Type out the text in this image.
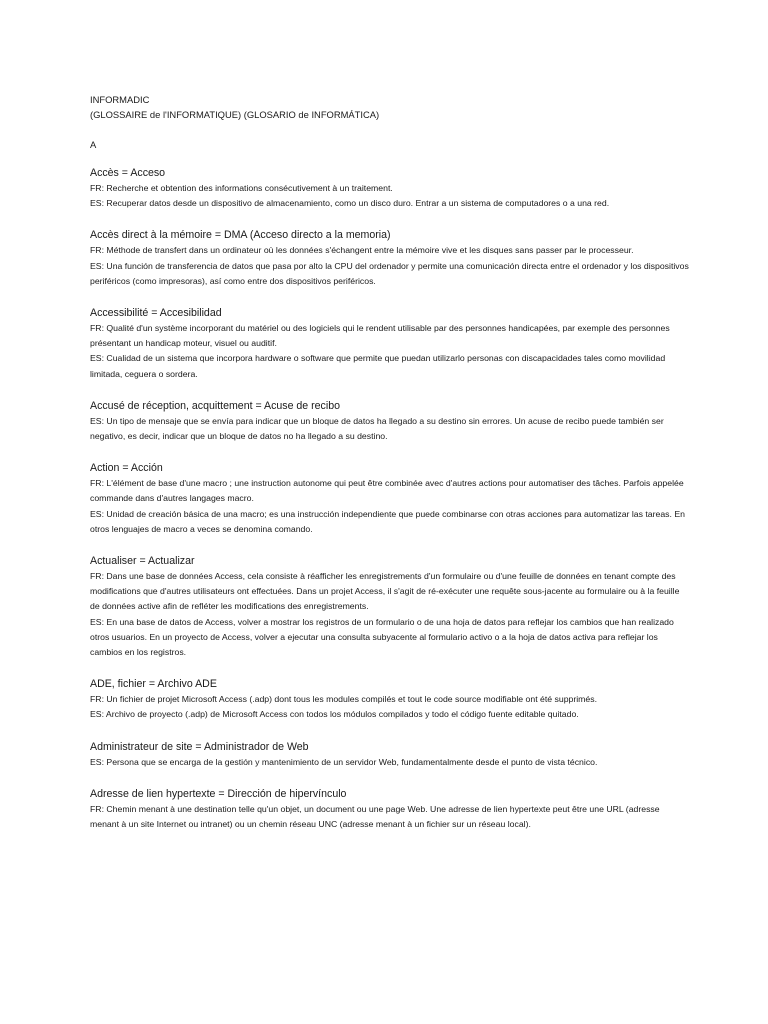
INFORMADIC
(GLOSSAIRE de l'INFORMATIQUE) (GLOSARIO de INFORMÁTICA)

A

Accès = Acceso

FR: Recherche et obtention des informations consécutivement à un traitement.

ES: Recuperar datos desde un dispositivo de almacenamiento, como un disco duro. Entrar a un sistema de computadores o a una red.

Accès direct à la mémoire = DMA (Acceso directo a la memoria)

FR: Méthode de transfert dans un ordinateur où les données s'échangent entre la mémoire vive et les disques sans passer par le processeur.

ES: Una función de transferencia de datos que pasa por alto la CPU del ordenador y permite una comunicación directa entre el ordenador y los dispositivos periféricos (como impresoras), así como entre dos dispositivos periféricos.

Accessibilité = Accesibilidad

FR: Qualité d'un système incorporant du matériel ou des logiciels qui le rendent utilisable par des personnes handicapées, par exemple des personnes présentant un handicap moteur, visuel ou auditif.

ES: Cualidad de un sistema que incorpora hardware o software que permite que puedan utilizarlo personas con discapacidades tales como movilidad limitada, ceguera o sordera.

Accusé de réception, acquittement = Acuse de recibo

ES: Un tipo de mensaje que se envía para indicar que un bloque de datos ha llegado a su destino sin errores. Un acuse de recibo puede también ser negativo, es decir, indicar que un bloque de datos no ha llegado a su destino.

Action = Acción

FR: L'élément de base d'une macro ; une instruction autonome qui peut être combinée avec d'autres actions pour automatiser des tâches. Parfois appelée commande dans d'autres langages macro.

ES: Unidad de creación básica de una macro; es una instrucción independiente que puede combinarse con otras acciones para automatizar las tareas. En otros lenguajes de macro a veces se denomina comando.

Actualiser = Actualizar

FR: Dans une base de données Access, cela consiste à réafficher les enregistrements d'un formulaire ou d'une feuille de données en tenant compte des modifications que d'autres utilisateurs ont effectuées. Dans un projet Access, il s'agit de ré-exécuter une requête sous-jacente au formulaire ou à la feuille de données active afin de refléter les modifications des enregistrements.

ES: En una base de datos de Access, volver a mostrar los registros de un formulario o de una hoja de datos para reflejar los cambios que han realizado otros usuarios. En un proyecto de Access, volver a ejecutar una consulta subyacente al formulario activo o a la hoja de datos activa para reflejar los cambios en los registros.

ADE, fichier = Archivo ADE

FR: Un fichier de projet Microsoft Access (.adp) dont tous les modules compilés et tout le code source modifiable ont été supprimés.

ES: Archivo de proyecto (.adp) de Microsoft Access con todos los módulos compilados y todo el código fuente editable quitado.

Administrateur de site = Administrador de Web

ES: Persona que se encarga de la gestión y mantenimiento de un servidor Web, fundamentalmente desde el punto de vista técnico.

Adresse de lien hypertexte = Dirección de hipervínculo

FR: Chemin menant à une destination telle qu'un objet, un document ou une page Web. Une adresse de lien hypertexte peut être une URL (adresse menant à un site Internet ou intranet) ou un chemin réseau UNC (adresse menant à un fichier sur un réseau local).
